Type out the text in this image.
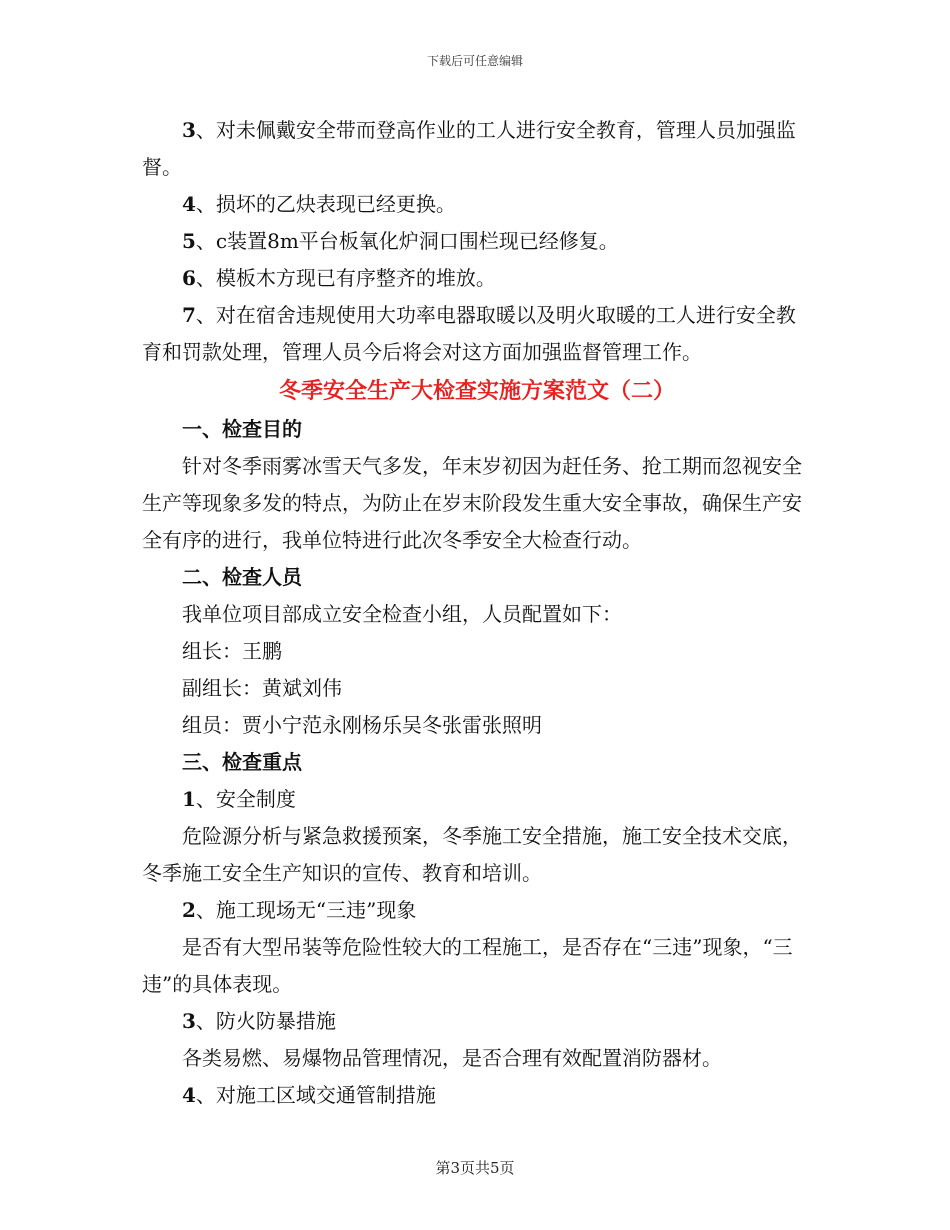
下载后可任意编辑

3、对未佩戴安全带而登高作业的工人进行安全教育，管理人员加强监督。

4、损坏的乙炔表现已经更换。

5、c装置8m平台板氧化炉洞口围栏现已经修复。

6、模板木方现已有序整齐的堆放。

7、对在宿舍违规使用大功率电器取暖以及明火取暖的工人进行安全教育和罚款处理，管理人员今后将会对这方面加强监督管理工作。

冬季安全生产大检查实施方案范文（二）

一、检查目的

针对冬季雨雾冰雪天气多发，年末岁初因为赶任务、抢工期而忽视安全生产等现象多发的特点，为防止在岁末阶段发生重大安全事故，确保生产安全有序的进行，我单位特进行此次冬季安全大检查行动。

二、检查人员

我单位项目部成立安全检查小组，人员配置如下：

组长：王鹏

副组长：黄斌刘伟

组员：贾小宁范永刚杨乐吴冬张雷张照明

三、检查重点

1、安全制度

危险源分析与紧急救援预案，冬季施工安全措施，施工安全技术交底，冬季施工安全生产知识的宣传、教育和培训。

2、施工现场无“三违”现象

是否有大型吊装等危险性较大的工程施工，是否存在“三违”现象，“三违”的具体表现。

3、防火防暴措施

各类易燃、易爆物品管理情况，是否合理有效配置消防器材。

4、对施工区域交通管制措施

第3页共5页
